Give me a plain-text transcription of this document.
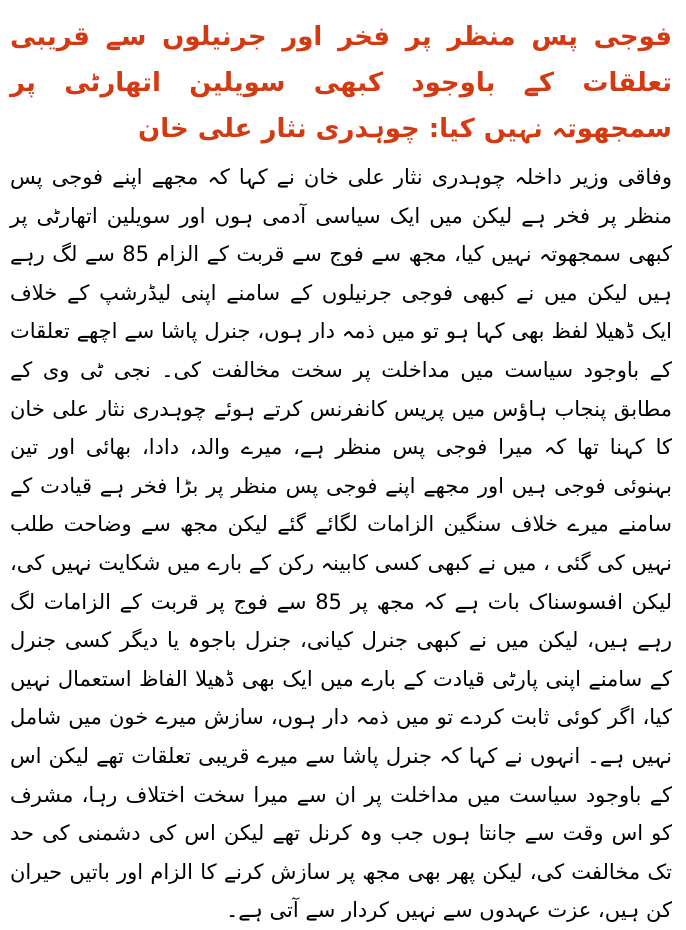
فوجی پس منظر پر فخر اور جرنیلوں سے قریبی تعلقات کے باوجود کبھی سویلین اتھارٹی پر سمجھوتہ نہیں کیا: چوہدری نثار علی خان

وفاقی وزیر داخلہ چوہدری نثار علی خان نے کہا کہ مجھے اپنے فوجی پس منظر پر فخر ہے لیکن میں ایک سیاسی آدمی ہوں اور سویلین اتھارٹی پر کبھی سمجھوتہ نہیں کیا، مجھ سے فوج سے قربت کے الزام 85 سے لگ رہے ہیں لیکن میں نے کبھی فوجی جرنیلوں کے سامنے اپنی لیڈرشپ کے خلاف ایک ڈھیلا لفظ بھی کہا ہو تو میں ذمہ دار ہوں، جنرل پاشا سے اچھے تعلقات کے باوجود سیاست میں مداخلت پر سخت مخالفت کی۔ نجی ٹی وی کے مطابق پنجاب ہاؤس میں پریس کانفرنس کرتے ہوئے چوہدری نثار علی خان کا کہنا تھا کہ میرا فوجی پس منظر ہے، میرے والد، دادا، بھائی اور تین بہنوئی فوجی ہیں اور مجھے اپنے فوجی پس منظر پر بڑا فخر ہے قیادت کے سامنے میرے خلاف سنگین الزامات لگائے گئے لیکن مجھ سے وضاحت طلب نہیں کی گئی ، میں نے کبھی کسی کابینہ رکن کے بارے میں شکایت نہیں کی، لیکن افسوسناک بات ہے کہ مجھ پر 85 سے فوج پر قربت کے الزامات لگ رہے ہیں، لیکن میں نے کبھی جنرل کیانی، جنرل باجوہ یا دیگر کسی جنرل کے سامنے اپنی پارٹی قیادت کے بارے میں ایک بھی ڈھیلا الفاظ استعمال نہیں کیا، اگر کوئی ثابت کردے تو میں ذمہ دار ہوں، سازش میرے خون میں شامل نہیں ہے۔ انہوں نے کہا کہ جنرل پاشا سے میرے قریبی تعلقات تھے لیکن اس کے باوجود سیاست میں مداخلت پر ان سے میرا سخت اختلاف رہا، مشرف کو اس وقت سے جانتا ہوں جب وہ کرنل تھے لیکن اس کی دشمنی کی حد تک مخالفت کی، لیکن پھر بھی مجھ پر سازش کرنے کا الزام اور باتیں حیران کن ہیں، عزت عہدوں سے نہیں کردار سے آتی ہے۔
